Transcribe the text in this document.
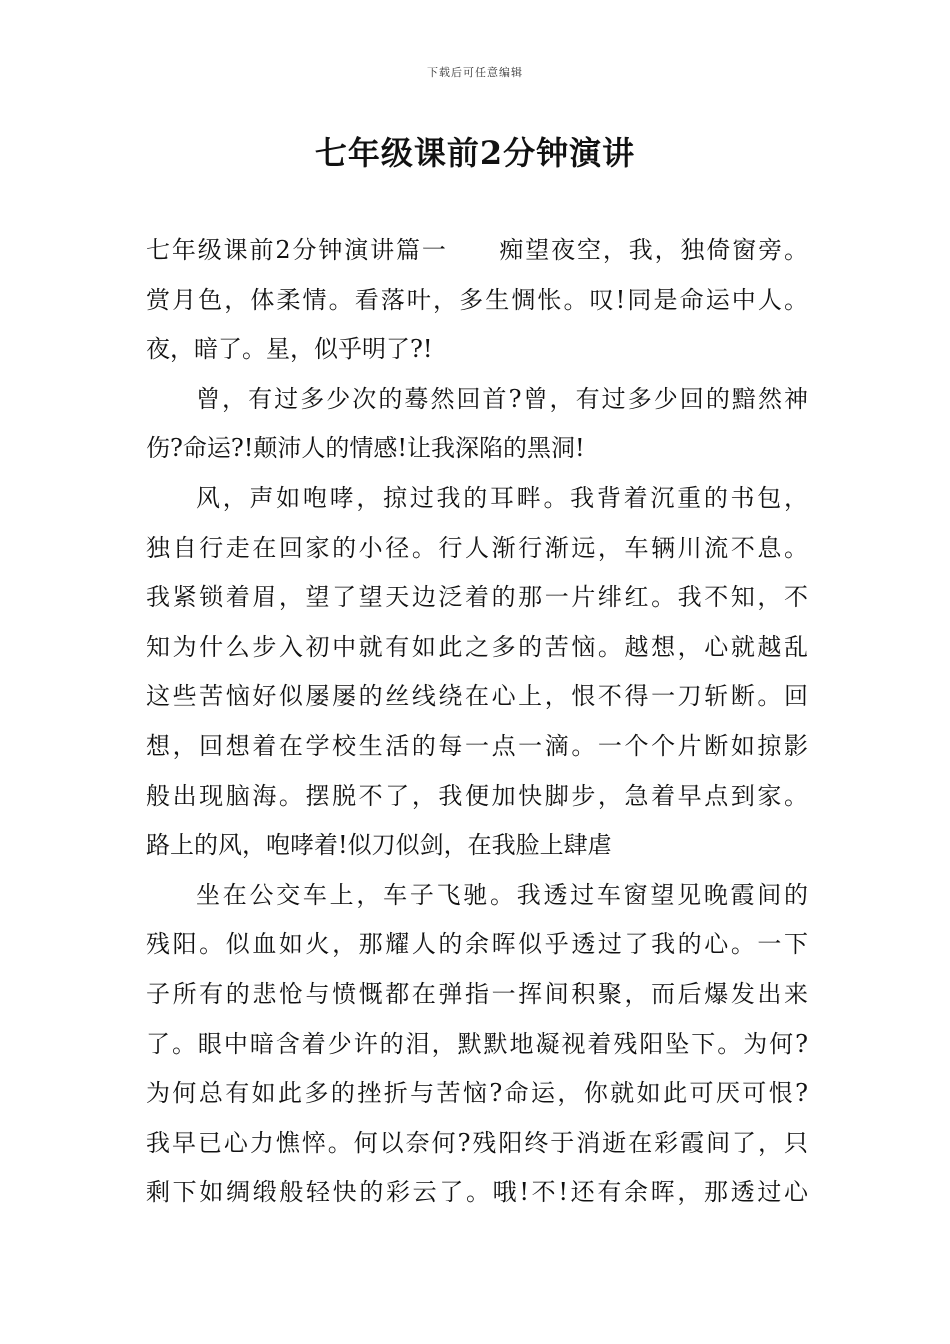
下载后可任意编辑
七年级课前2分钟演讲
七年级课前2分钟演讲篇一　　痴望夜空，我，独倚窗旁。
赏月色，体柔情。看落叶，多生惆怅。叹!同是命运中人。
夜，暗了。星，似乎明了?!
曾，有过多少次的蓦然回首?曾，有过多少回的黯然神
伤?命运?!颠沛人的情感!让我深陷的黑洞!
风，声如咆哮，掠过我的耳畔。我背着沉重的书包，
独自行走在回家的小径。行人渐行渐远，车辆川流不息。
我紧锁着眉，望了望天边泛着的那一片绯红。我不知，不
知为什么步入初中就有如此之多的苦恼。越想，心就越乱
这些苦恼好似屡屡的丝线绕在心上，恨不得一刀斩断。回
想，回想着在学校生活的每一点一滴。一个个片断如掠影
般出现脑海。摆脱不了，我便加快脚步，急着早点到家。
路上的风，咆哮着!似刀似剑，在我脸上肆虐
坐在公交车上，车子飞驰。我透过车窗望见晚霞间的
残阳。似血如火，那耀人的余晖似乎透过了我的心。一下
子所有的悲怆与愤慨都在弹指一挥间积聚，而后爆发出来
了。眼中暗含着少许的泪，默默地凝视着残阳坠下。为何?
为何总有如此多的挫折与苦恼?命运，你就如此可厌可恨?
我早已心力憔悴。何以奈何?残阳终于消逝在彩霞间了，只
剩下如绸缎般轻快的彩云了。哦!不!还有余晖，那透过心
